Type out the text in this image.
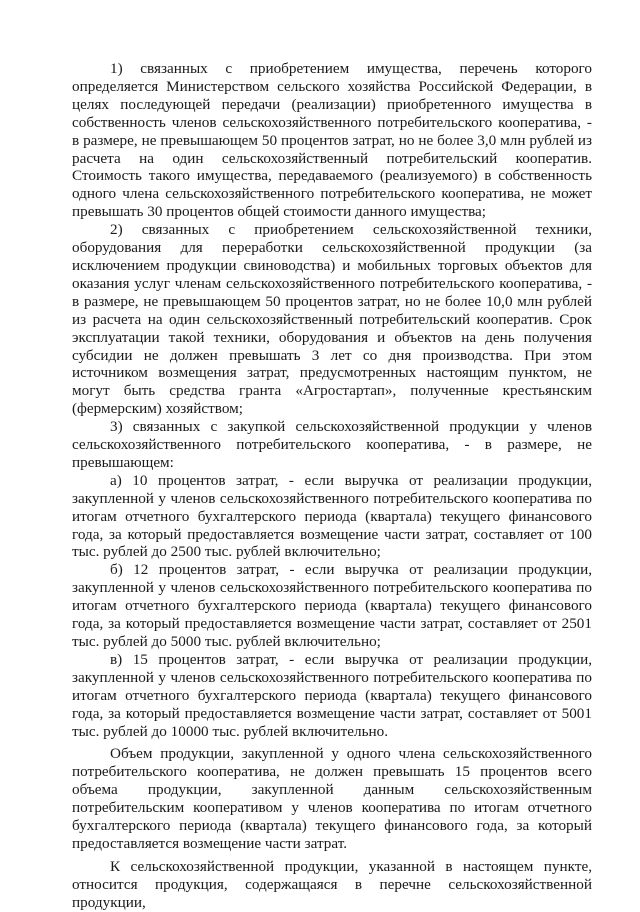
1) связанных с приобретением имущества, перечень которого определяется Министерством сельского хозяйства Российской Федерации, в целях последующей передачи (реализации) приобретенного имущества в собственность членов сельскохозяйственного потребительского кооператива, - в размере, не превышающем 50 процентов затрат, но не более 3,0 млн рублей из расчета на один сельскохозяйственный потребительский кооператив. Стоимость такого имущества, передаваемого (реализуемого) в собственность одного члена сельскохозяйственного потребительского кооператива, не может превышать 30 процентов общей стоимости данного имущества;

2) связанных с приобретением сельскохозяйственной техники, оборудования для переработки сельскохозяйственной продукции (за исключением продукции свиноводства) и мобильных торговых объектов для оказания услуг членам сельскохозяйственного потребительского кооператива, - в размере, не превышающем 50 процентов затрат, но не более 10,0 млн рублей из расчета на один сельскохозяйственный потребительский кооператив. Срок эксплуатации такой техники, оборудования и объектов на день получения субсидии не должен превышать 3 лет со дня производства. При этом источником возмещения затрат, предусмотренных настоящим пунктом, не могут быть средства гранта «Агростартап», полученные крестьянским (фермерским) хозяйством;

3) связанных с закупкой сельскохозяйственной продукции у членов сельскохозяйственного потребительского кооператива, - в размере, не превышающем:

а) 10 процентов затрат, - если выручка от реализации продукции, закупленной у членов сельскохозяйственного потребительского кооператива по итогам отчетного бухгалтерского периода (квартала) текущего финансового года, за который предоставляется возмещение части затрат, составляет от 100 тыс. рублей до 2500 тыс. рублей включительно;

б) 12 процентов затрат, - если выручка от реализации продукции, закупленной у членов сельскохозяйственного потребительского кооператива по итогам отчетного бухгалтерского периода (квартала) текущего финансового года, за который предоставляется возмещение части затрат, составляет от 2501 тыс. рублей до 5000 тыс. рублей включительно;

в) 15 процентов затрат, - если выручка от реализации продукции, закупленной у членов сельскохозяйственного потребительского кооператива по итогам отчетного бухгалтерского периода (квартала) текущего финансового года, за который предоставляется возмещение части затрат, составляет от 5001 тыс. рублей до 10000 тыс. рублей включительно.

Объем продукции, закупленной у одного члена сельскохозяйственного потребительского кооператива, не должен превышать 15 процентов всего объема продукции, закупленной данным сельскохозяйственным потребительским кооперативом у членов кооператива по итогам отчетного бухгалтерского периода (квартала) текущего финансового года, за который предоставляется возмещение части затрат.

К сельскохозяйственной продукции, указанной в настоящем пункте, относится продукция, содержащаяся в перечне сельскохозяйственной продукции,
